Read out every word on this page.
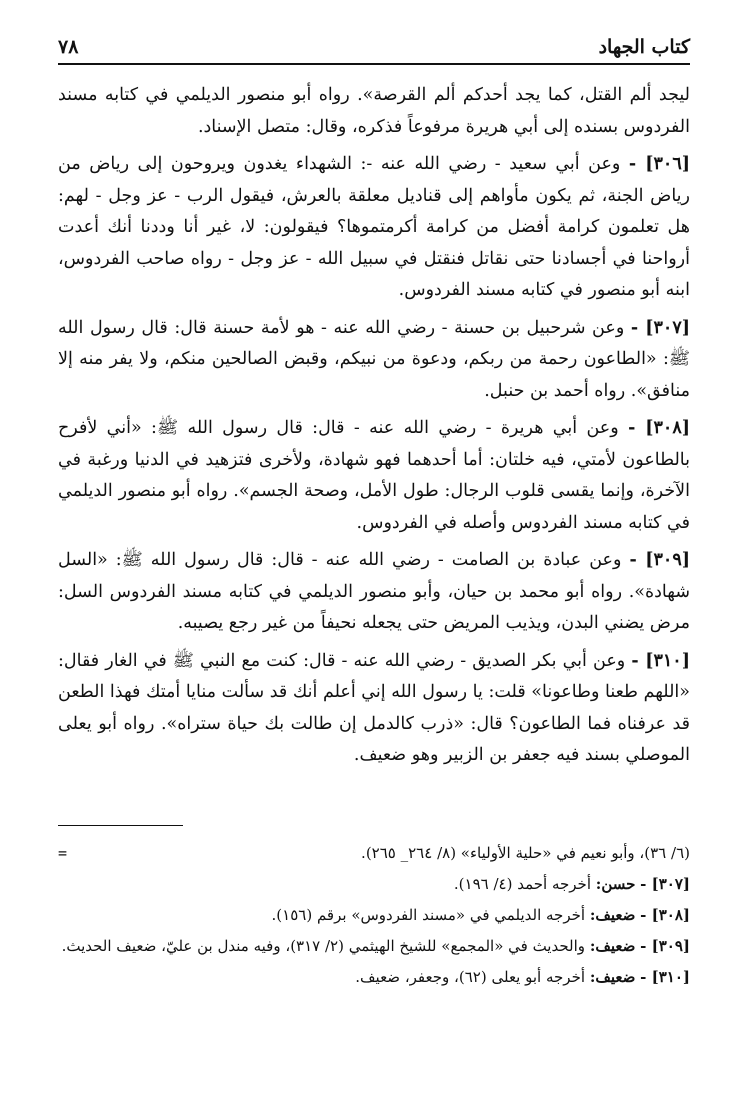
كتاب الجهاد
٧٨

ليجد ألم القتل، كما يجد أحدكم ألم القرصة». رواه أبو منصور الديلمي في كتابه مسند الفردوس بسنده إلى أبي هريرة مرفوعاً فذكره، وقال: متصل الإسناد.

[٣٠٦] - وعن أبي سعيد - رضي الله عنه -: الشهداء يغدون ويروحون إلى رياض من رياض الجنة، ثم يكون مأواهم إلى قناديل معلقة بالعرش، فيقول الرب - عز وجل - لهم: هل تعلمون كرامة أفضل من كرامة أكرمتموها؟ فيقولون: لا، غير أنا وددنا أنك أعدت أرواحنا في أجسادنا حتى نقاتل فنقتل في سبيل الله - عز وجل - رواه صاحب الفردوس، ابنه أبو منصور في كتابه مسند الفردوس.

[٣٠٧] - وعن شرحبيل بن حسنة - رضي الله عنه - هو لأمة حسنة قال: قال رسول الله ﷺ: «الطاعون رحمة من ربكم، ودعوة من نبيكم، وقبض الصالحين منكم، ولا يفر منه إلا منافق». رواه أحمد بن حنبل.

[٣٠٨] - وعن أبي هريرة - رضي الله عنه - قال: قال رسول الله ﷺ: «أني لأفرح بالطاعون لأمتي، فيه خلتان: أما أحدهما فهو شهادة، ولأخرى فتزهيد في الدنيا ورغبة في الآخرة، وإنما يقسى قلوب الرجال: طول الأمل، وصحة الجسم». رواه أبو منصور الديلمي في كتابه مسند الفردوس وأصله في الفردوس.

[٣٠٩] - وعن عبادة بن الصامت - رضي الله عنه - قال: قال رسول الله ﷺ: «السل شهادة». رواه أبو محمد بن حيان، وأبو منصور الديلمي في كتابه مسند الفردوس السل: مرض يضني البدن، ويذيب المريض حتى يجعله نحيفاً من غير رجع يصيبه.

[٣١٠] - وعن أبي بكر الصديق - رضي الله عنه - قال: كنت مع النبي ﷺ في الغار فقال: «اللهم طعنا وطاعونا» قلت: يا رسول الله إني أعلم أنك قد سألت منايا أمتك فهذا الطعن قد عرفناه فما الطاعون؟ قال: «ذرب كالدمل إن طالت بك حياة ستراه». رواه أبو يعلى الموصلي بسند فيه جعفر بن الزبير وهو ضعيف.

=	(٦/ ٣٦)، وأبو نعيم في «حلية الأولياء» (٨/ ٢٦٤_ ٢٦٥).

[٣٠٧] - حسن: أخرجه أحمد (٤/ ١٩٦).

[٣٠٨] - ضعيف: أخرجه الديلمي في «مسند الفردوس» برقم (١٥٦).

[٣٠٩] - ضعيف: والحديث في «المجمع» للشيخ الهيثمي (٢/ ٣١٧)، وفيه مندل بن عليّ، ضعيف الحديث.

[٣١٠] - ضعيف: أخرجه أبو يعلى (٦٢)، وجعفر، ضعيف.
